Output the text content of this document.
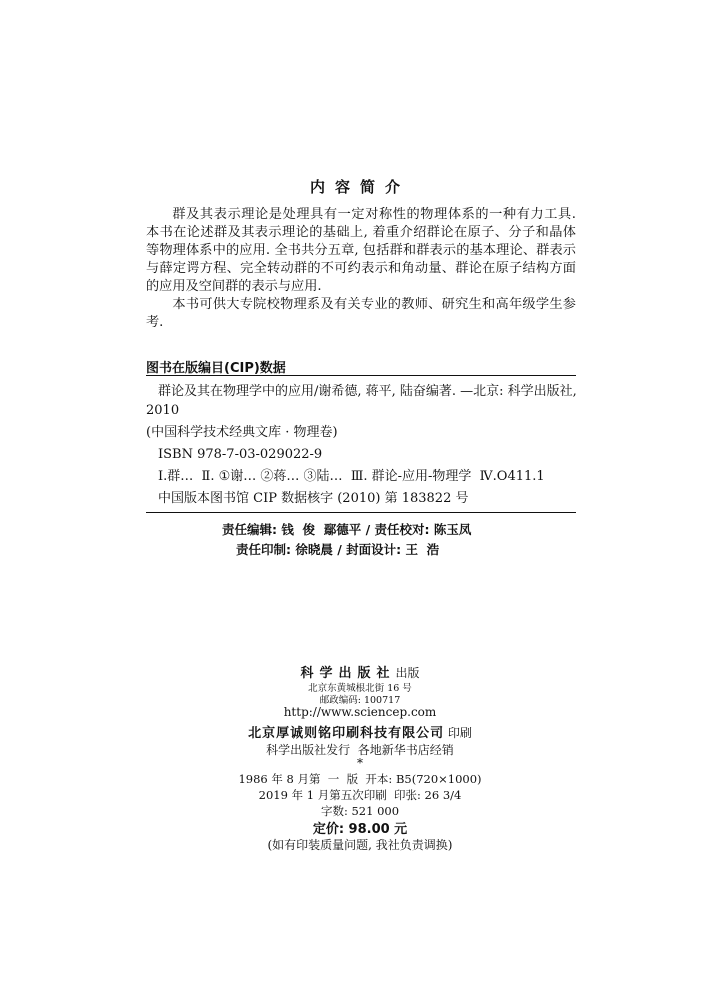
内容简介

群及其表示理论是处理具有一定对称性的物理体系的一种有力工具. 本书在论述群及其表示理论的基础上, 着重介绍群论在原子、分子和晶体等物理体系中的应用. 全书共分五章, 包括群和群表示的基本理论、群表示与薛定谔方程、完全转动群的不可约表示和角动量、群论在原子结构方面的应用及空间群的表示与应用.

本书可供大专院校物理系及有关专业的教师、研究生和高年级学生参考.

图书在版编目(CIP)数据
群论及其在物理学中的应用/谢希德, 蒋平, 陆奋编著. —北京: 科学出版社,
2010
(中国科学技术经典文库 · 物理卷)
ISBN 978-7-03-029022-9
Ⅰ.群…  Ⅱ. ①谢… ②蒋… ③陆…  Ⅲ. 群论-应用-物理学  Ⅳ.O411.1
中国版本图书馆 CIP 数据核字 (2010) 第 183822 号
责任编辑: 钱  俊  鄢德平 / 责任校对: 陈玉凤
责任印制: 徐晓晨 / 封面设计: 王  浩
科学出版社出版
北京东黄城根北街 16 号
邮政编码: 100717
http://www.sciencep.com
北京厚诚则铭印刷科技有限公司 印刷
科学出版社发行  各地新华书店经销
*
1986 年 8 月第  一  版  开本: B5(720×1000)
2019 年 1 月第五次印刷  印张: 26 3/4
字数: 521 000
定价: 98.00 元
(如有印装质量问题, 我社负责调换)
